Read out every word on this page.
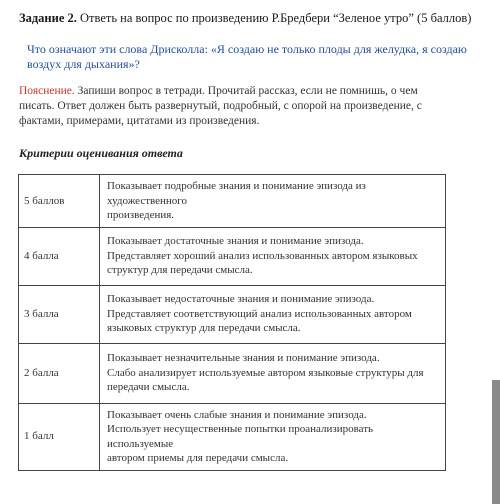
Задание 2. Ответь на вопрос по произведению Р.Бредбери “Зеленое утро” (5 баллов)
Что означают эти слова Дрисколла: «Я создаю не только плоды для желудка, я создаю воздух для дыхания»?
Пояснение. Запиши вопрос в тетради. Прочитай рассказ, если не помнишь, о чем писать. Ответ должен быть развернутый, подробный, с опорой на произведение, с фактами, примерами, цитатами из произведения.
Критерии оценивания ответа
5 баллов	Показывает подробные знания и понимание эпизода из
художественного
произведения.

4 балла	Показывает достаточные знания и понимание эпизода.
Представляет хороший анализ использованных автором языковых
структур для передачи смысла.

3 балла	Показывает недостаточные знания и понимание эпизода.
Представляет соответствующий анализ использованных автором
языковых структур для передачи смысла.

2 балла	Показывает незначительные знания и понимание эпизода.
Слабо анализирует используемые автором языковые структуры для
передачи смысла.

1 балл	Показывает очень слабые знания и понимание эпизода.
Использует несущественные попытки проанализировать
используемые
автором приемы для передачи смысла.
